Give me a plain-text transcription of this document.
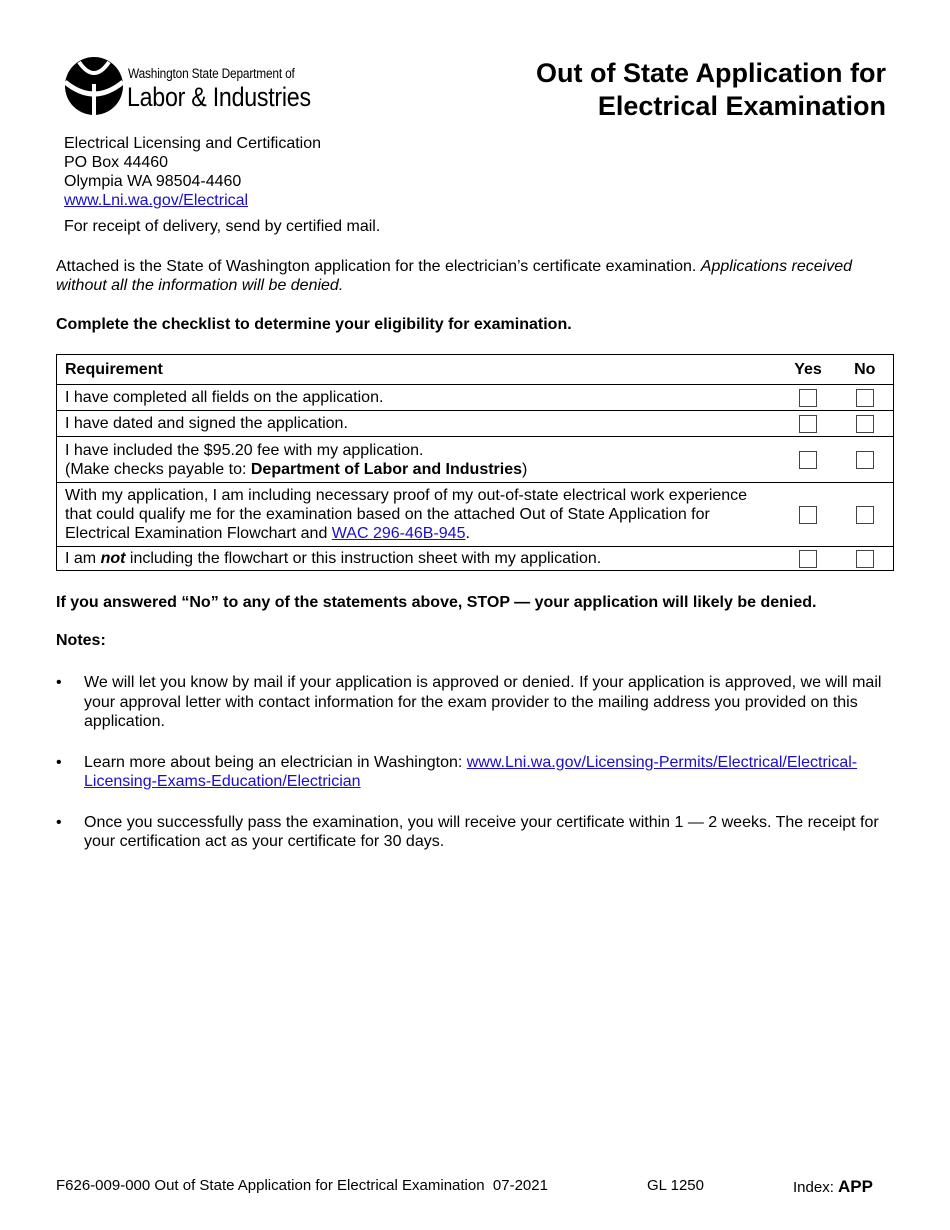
Washington State Department of
Labor & Industries
Out of State Application for
Electrical Examination
Electrical Licensing and Certification
PO Box 44460
Olympia WA 98504-4460
www.Lni.wa.gov/Electrical
For receipt of delivery, send by certified mail.
Attached is the State of Washington application for the electrician’s certificate examination. Applications received without all the information will be denied.
Complete the checklist to determine your eligibility for examination.
Requirement	Yes	No
I have completed all fields on the application.		
I have dated and signed the application.		

I have included the $95.20 fee with my application.
(Make checks payable to: Department of Labor and Industries)		

With my application, I am including necessary proof of my out-of-state electrical work experience that could qualify me for the examination based on the attached Out of State Application for Electrical Examination Flowchart and WAC 296-46B-945.		
I am not including the flowchart or this instruction sheet with my application.		
If you answered “No” to any of the statements above, STOP — your application will likely be denied.
Notes:
• We will let you know by mail if your application is approved or denied. If your application is approved, we will mail your approval letter with contact information for the exam provider to the mailing address you provided on this application.
• Learn more about being an electrician in Washington: www.Lni.wa.gov/Licensing-Permits/Electrical/Electrical-Licensing-Exams-Education/Electrician
• Once you successfully pass the examination, you will receive your certificate within 1 — 2 weeks. The receipt for your certification act as your certificate for 30 days.
F626-009-000 Out of State Application for Electrical Examination  07-2021	GL 1250	Index: APP
